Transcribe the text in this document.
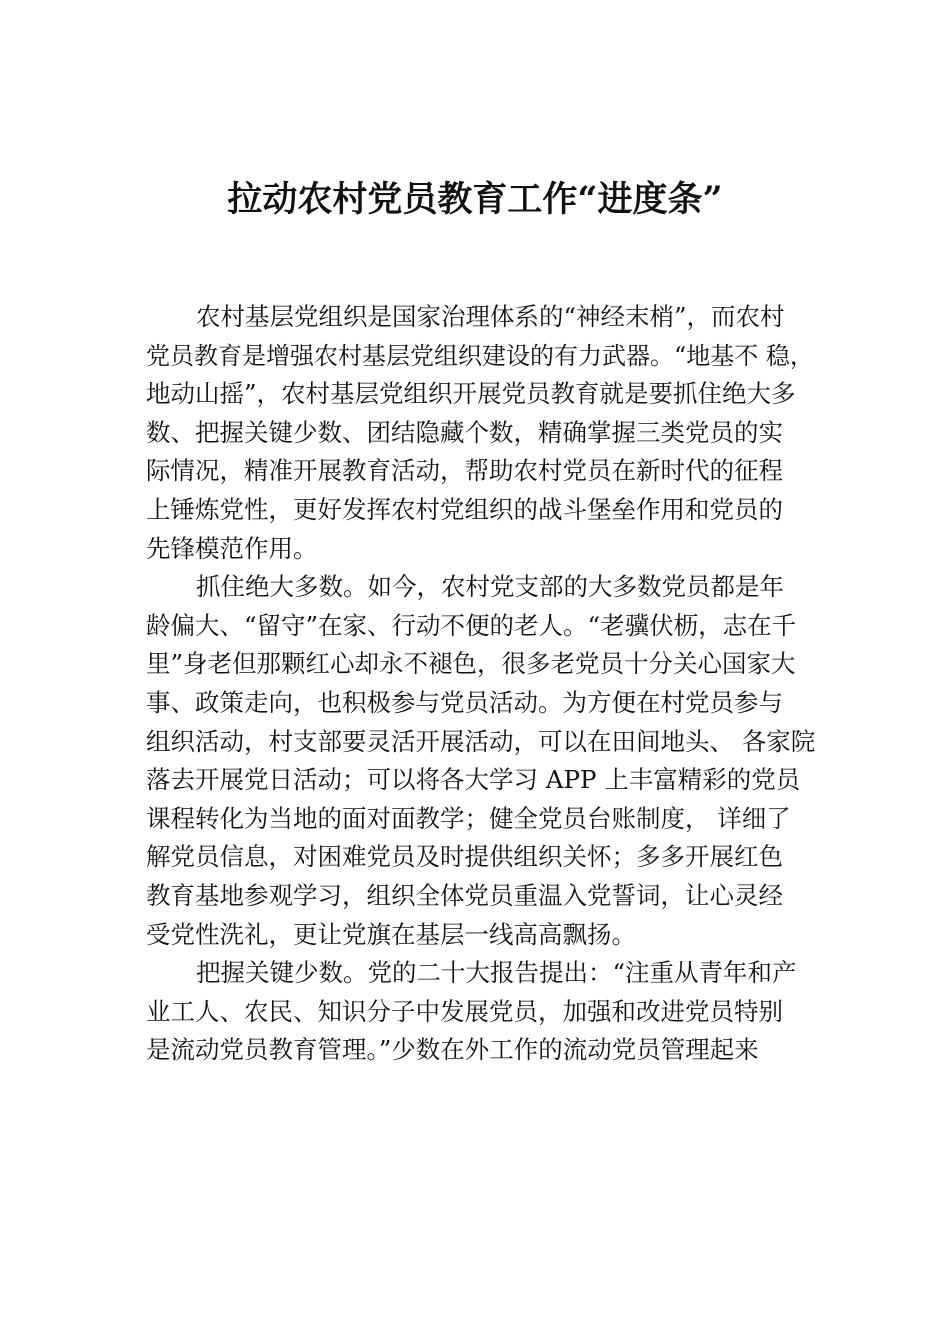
拉动农村党员教育工作“进度条”
农村基层党组织是国家治理体系的“神经末梢”，而农村
党员教育是增强农村基层党组织建设的有力武器。“地基不 稳，
地动山摇”，农村基层党组织开展党员教育就是要抓住绝大多
数、把握关键少数、团结隐藏个数，精确掌握三类党员的实
际情况，精准开展教育活动，帮助农村党员在新时代的征程
上锤炼党性，更好发挥农村党组织的战斗堡垒作用和党员的
先锋模范作用。
抓住绝大多数。如今，农村党支部的大多数党员都是年
龄偏大、“留守”在家、行动不便的老人。“老骥伏枥，志在千
里”身老但那颗红心却永不褪色，很多老党员十分关心国家大
事、政策走向，也积极参与党员活动。为方便在村党员参与
组织活动，村支部要灵活开展活动，可以在田间地头、 各家院
落去开展党日活动；可以将各大学习 APP 上丰富精彩的党员
课程转化为当地的面对面教学；健全党员台账制度， 详细了
解党员信息，对困难党员及时提供组织关怀；多多开展红色
教育基地参观学习，组织全体党员重温入党誓词，让心灵经
受党性洗礼，更让党旗在基层一线高高飘扬。
把握关键少数。党的二十大报告提出：“注重从青年和产
业工人、农民、知识分子中发展党员，加强和改进党员特别
是流动党员教育管理。”少数在外工作的流动党员管理起来
